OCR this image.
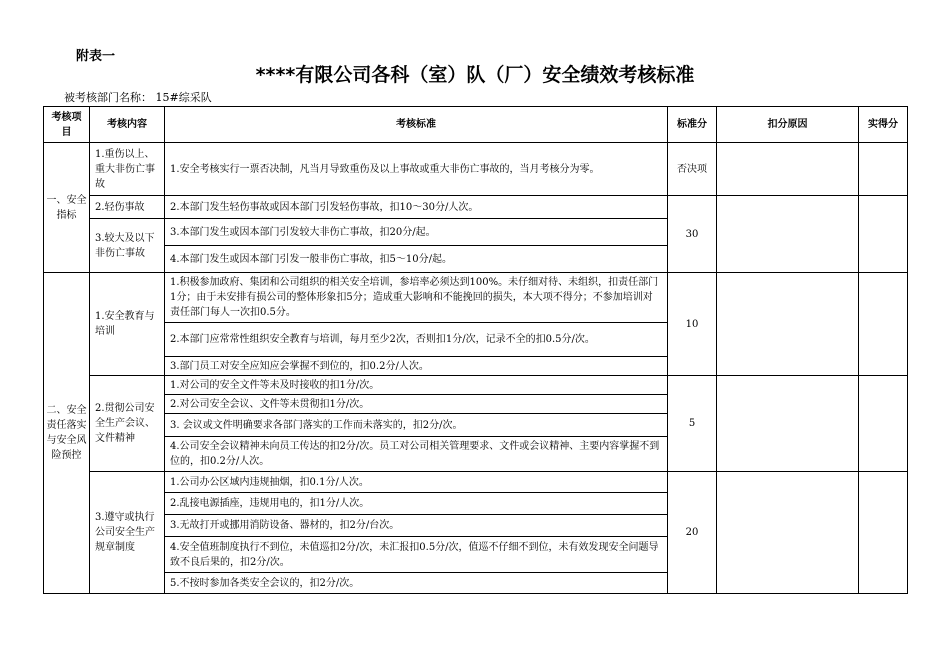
附表一
****有限公司各科（室）队（厂）安全绩效考核标准
被考核部门名称： 15#综采队
考核项目	考核内容	考核标准	标准分	扣分原因	实得分
一、安全指标	1.重伤以上、重大非伤亡事故	1.安全考核实行一票否决制，凡当月导致重伤及以上事故或重大非伤亡事故的，当月考核分为零。	否决项		
	2.轻伤事故	2.本部门发生轻伤事故或因本部门引发轻伤事故，扣10～30分/人次。	30		
	3.较大及以下非伤亡事故	3.本部门发生或因本部门引发较大非伤亡事故，扣20分/起。			
		4.本部门发生或因本部门引发一般非伤亡事故，扣5～10分/起。			
二、安全责任落实与安全风险预控	1.安全教育与培训	1.积极参加政府、集团和公司组织的相关安全培训，参培率必须达到100%。未仔细对待、未组织，扣责任部门1分；由于未安排有损公司的整体形象扣5分；造成重大影响和不能挽回的损失，本大项不得分；不参加培训对责任部门每人一次扣0.5分。	10		
		2.本部门应常常性组织安全教育与培训，每月至少2次，否则扣1分/次，记录不全的扣0.5分/次。			
		3.部门员工对安全应知应会掌握不到位的，扣0.2分/人次。			
	2.贯彻公司安全生产会议、文件精神	1.对公司的安全文件等未及时接收的扣1分/次。	5		
		2.对公司安全会议、文件等未贯彻扣1分/次。			
		3. 会议或文件明确要求各部门落实的工作而未落实的，扣2分/次。			
		4.公司安全会议精神未向员工传达的扣2分/次。员工对公司相关管理要求、文件或会议精神、主要内容掌握不到位的，扣0.2分/人次。			
	3.遵守或执行公司安全生产规章制度	1.公司办公区域内违规抽烟，扣0.1分/人次。	20		
		2.乱接电源插座，违规用电的，扣1分/人次。			
		3.无故打开或挪用消防设备、器材的，扣2分/台次。			
		4.安全值班制度执行不到位，未值巡扣2分/次，未汇报扣0.5分/次，值巡不仔细不到位，未有效发现安全问题导致不良后果的，扣2分/次。			
		5.不按时参加各类安全会议的，扣2分/次。			
